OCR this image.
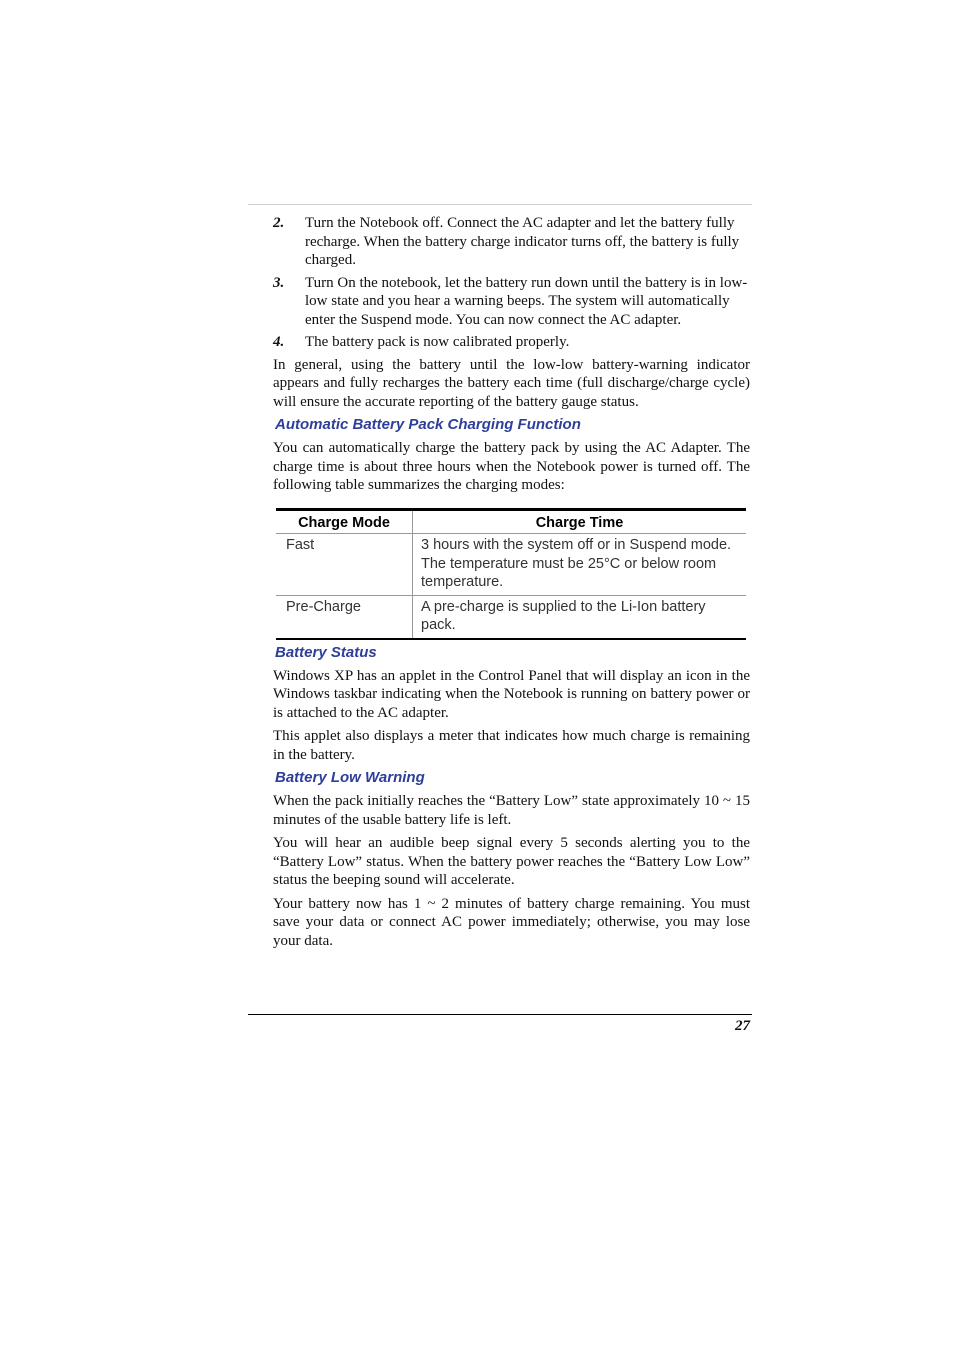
2. Turn the Notebook off. Connect the AC adapter and let the battery fully recharge. When the battery charge indicator turns off, the battery is fully charged.
3. Turn On the notebook, let the battery run down until the battery is in low-low state and you hear a warning beeps. The system will automatically enter the Suspend mode. You can now connect the AC adapter.
4. The battery pack is now calibrated properly.

In general, using the battery until the low-low battery-warning indicator appears and fully recharges the battery each time (full discharge/charge cycle) will ensure the accurate reporting of the battery gauge status.

Automatic Battery Pack Charging Function

You can automatically charge the battery pack by using the AC Adapter. The charge time is about three hours when the Notebook power is turned off. The following table summarizes the charging modes:

Charge Mode	Charge Time
Fast	3 hours with the system off or in Suspend mode. The temperature must be 25°C or below room temperature.
Pre-Charge	A pre-charge is supplied to the Li-Ion battery pack.
Battery Status

Windows XP has an applet in the Control Panel that will display an icon in the Windows taskbar indicating when the Notebook is running on battery power or is attached to the AC adapter.

This applet also displays a meter that indicates how much charge is remaining in the battery.

Battery Low Warning

When the pack initially reaches the “Battery Low” state approximately 10 ~ 15 minutes of the usable battery life is left.

You will hear an audible beep signal every 5 seconds alerting you to the “Battery Low” status. When the battery power reaches the “Battery Low Low” status the beeping sound will accelerate.

Your battery now has 1 ~ 2 minutes of battery charge remaining. You must save your data or connect AC power immediately; otherwise, you may lose your data.

27
